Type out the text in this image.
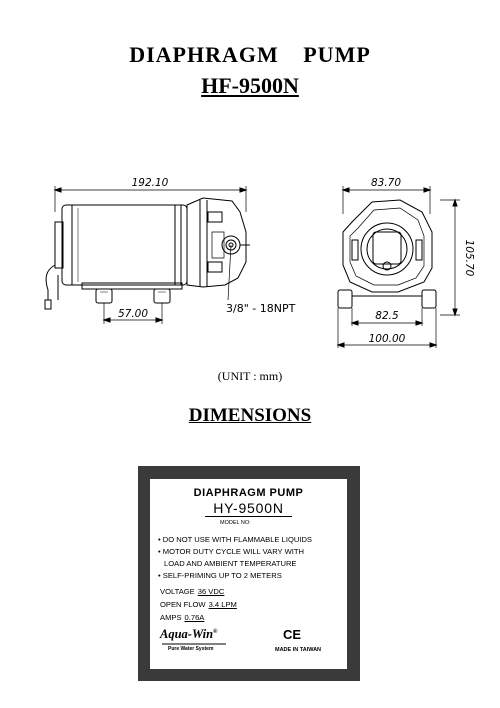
DIAPHRAGM PUMP
HF-9500N
192.10
57.00	3/8" - 18NPT
83.70
105.70
82.5
100.00
(UNIT : mm)
DIMENSIONS
DIAPHRAGM PUMP
HY-9500N
MODEL NO:
• DO NOT USE WITH FLAMMABLE LIQUIDS
• MOTOR DUTY CYCLE WILL VARY WITH
LOAD AND AMBIENT TEMPERATURE
• SELF-PRIMING UP TO 2 METERS
VOLTAGE 36 VDC
OPEN FLOW 3.4 LPM
AMPS 0.76A
Aqua-Win®
Pure Water System
CE
MADE IN TAIWAN
